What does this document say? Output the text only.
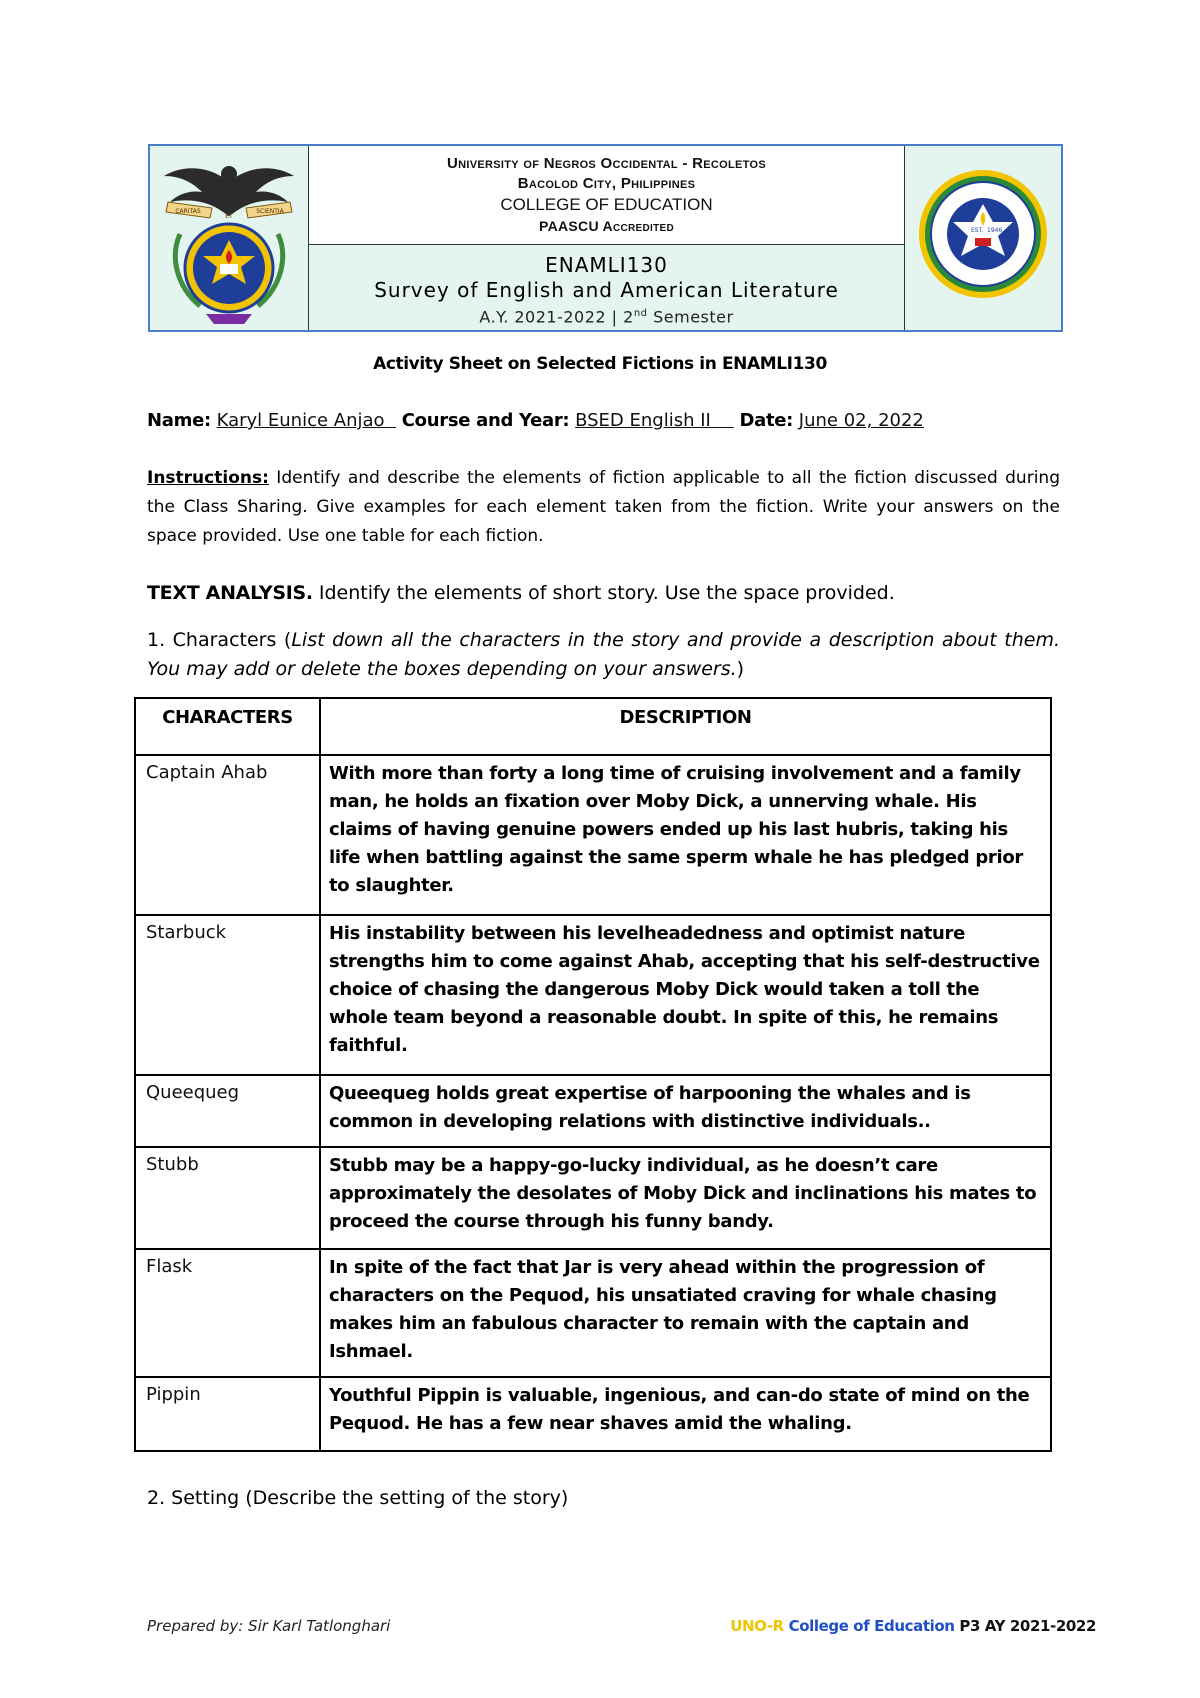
CARITAS
ET
SCIENTIA
University of Negros Occidental - Recoletos
Bacolod City, Philippines
COLLEGE OF EDUCATION
PAASCU Accredited
ENAMLI130
Survey of English and American Literature
A.Y. 2021-2022 | 2nd Semester
EST. 1946
Activity Sheet on Selected Fictions in ENAMLI130
Name: Karyl Eunice Anjao Course and Year: BSED English II Date: June 02, 2022
Instructions: Identify and describe the elements of fiction applicable to all the fiction discussed during the Class Sharing. Give examples for each element taken from the fiction. Write your answers on the space provided. Use one table for each fiction.
TEXT ANALYSIS. Identify the elements of short story. Use the space provided.
1. Characters (List down all the characters in the story and provide a description about them. You may add or delete the boxes depending on your answers.)
CHARACTERS	DESCRIPTION
Captain Ahab	With more than forty a long time of cruising involvement and a family man, he holds an fixation over Moby Dick, a unnerving whale. His claims of having genuine powers ended up his last hubris, taking his life when battling against the same sperm whale he has pledged prior to slaughter.
Starbuck	His instability between his levelheadedness and optimist nature strengths him to come against Ahab, accepting that his self-destructive choice of chasing the dangerous Moby Dick would taken a toll the whole team beyond a reasonable doubt. In spite of this, he remains faithful.
Queequeg	Queequeg holds great expertise of harpooning the whales and is common in developing relations with distinctive individuals..
Stubb	Stubb may be a happy-go-lucky individual, as he doesn’t care approximately the desolates of Moby Dick and inclinations his mates to proceed the course through his funny bandy.
Flask	In spite of the fact that Jar is very ahead within the progression of characters on the Pequod, his unsatiated craving for whale chasing makes him an fabulous character to remain with the captain and Ishmael.
Pippin	Youthful Pippin is valuable, ingenious, and can-do state of mind on the Pequod. He has a few near shaves amid the whaling.
2. Setting (Describe the setting of the story)
Prepared by: Sir Karl Tatlonghari	UNO-R College of Education P3 AY 2021-2022
